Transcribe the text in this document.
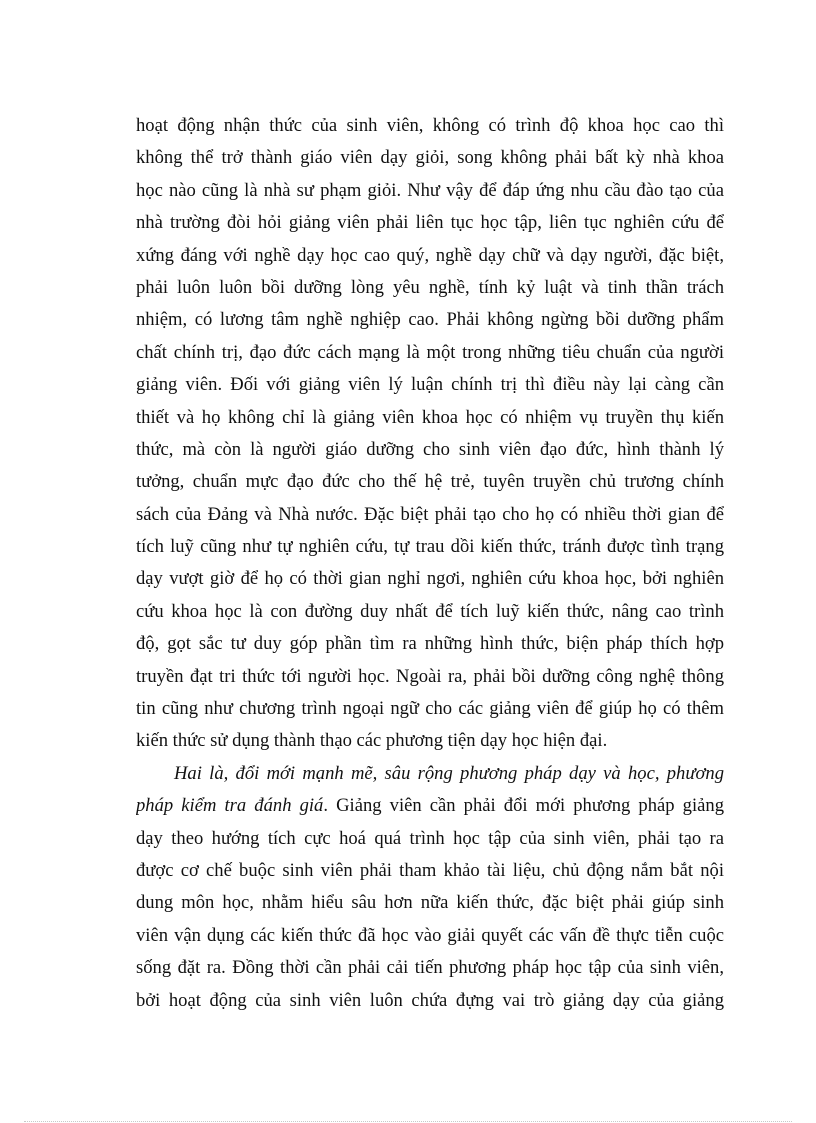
hoạt động nhận thức của sinh viên, không có trình độ khoa học cao thì
không thể trở thành giáo viên dạy giỏi, song không phải bất kỳ nhà khoa
học nào cũng là nhà sư phạm giỏi. Như vậy để đáp ứng nhu cầu đào tạo của
nhà trường đòi hỏi giảng viên phải liên tục học tập, liên tục nghiên cứu để
xứng đáng với nghề dạy học cao quý, nghề dạy chữ và dạy người, đặc biệt,
phải luôn luôn bồi dưỡng lòng yêu nghề, tính kỷ luật và tinh thần trách
nhiệm, có lương tâm nghề nghiệp cao. Phải không ngừng bồi dưỡng phẩm
chất chính trị, đạo đức cách mạng là một trong những tiêu chuẩn của người
giảng viên. Đối với giảng viên lý luận chính trị thì điều này lại càng cần
thiết và họ không chỉ là giảng viên khoa học có nhiệm vụ truyền thụ kiến
thức, mà còn là người giáo dưỡng cho sinh viên đạo đức, hình thành lý
tưởng, chuẩn mực đạo đức cho thế hệ trẻ, tuyên truyền chủ trương chính
sách của Đảng và Nhà nước. Đặc biệt phải tạo cho họ có nhiều thời gian để
tích luỹ cũng như tự nghiên cứu, tự trau dồi kiến thức, tránh được tình trạng
dạy vượt giờ để họ có thời gian nghỉ ngơi, nghiên cứu khoa học, bởi nghiên
cứu khoa học là con đường duy nhất để tích luỹ kiến thức, nâng cao trình
độ, gọt sắc tư duy góp phần tìm ra những hình thức, biện pháp thích hợp
truyền đạt tri thức tới người học. Ngoài ra, phải bồi dưỡng công nghệ thông
tin cũng như chương trình ngoại ngữ cho các giảng viên để giúp họ có thêm
kiến thức sử dụng thành thạo các phương tiện dạy học hiện đại.
Hai là, đổi mới mạnh mẽ, sâu rộng phương pháp dạy và học, phương
pháp kiểm tra đánh giá. Giảng viên cần phải đổi mới phương pháp giảng
dạy theo hướng tích cực hoá quá trình học tập của sinh viên, phải tạo ra
được cơ chế buộc sinh viên phải tham khảo tài liệu, chủ động nắm bắt nội
dung môn học, nhằm hiểu sâu hơn nữa kiến thức, đặc biệt phải giúp sinh
viên vận dụng các kiến thức đã học vào giải quyết các vấn đề thực tiễn cuộc
sống đặt ra. Đồng thời cần phải cải tiến phương pháp học tập của sinh viên,
bởi hoạt động của sinh viên luôn chứa đựng vai trò giảng dạy của giảng
